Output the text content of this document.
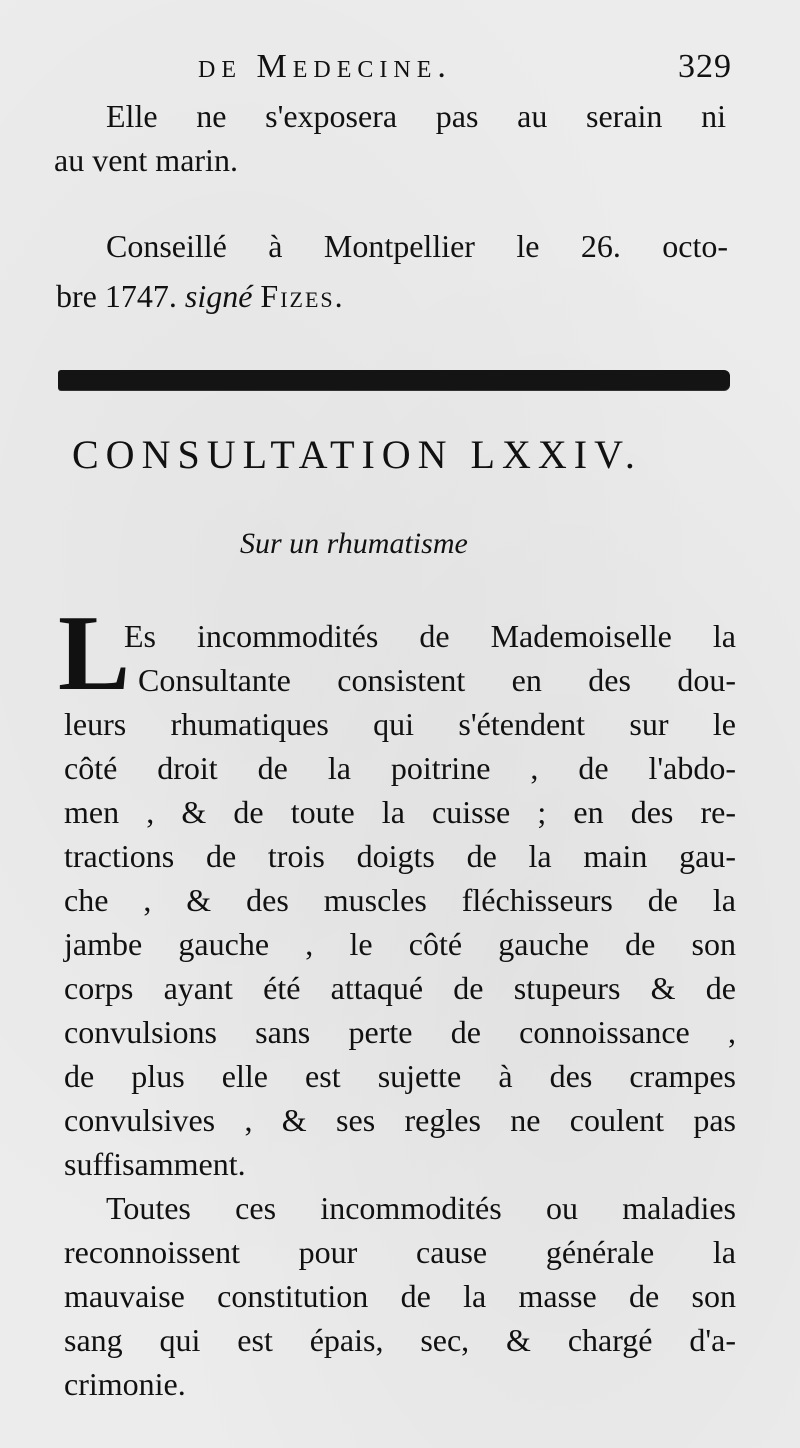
de Medecine.	329
Elle ne s'exposera pas au serain ni
au vent marin.
Conseillé à Montpellier le 26. octo-
bre 1747. signé Fizes.
CONSULTATION LXXIV.
Sur un rhumatisme
L
Es incommodités de Mademoiselle la
Consultante consistent en des dou-
leurs rhumatiques qui s'étendent sur le
côté droit de la poitrine , de l'abdo-
men , & de toute la cuisse ; en des re-
tractions de trois doigts de la main gau-
che , & des muscles fléchisseurs de la
jambe gauche , le côté gauche de son
corps ayant été attaqué de stupeurs & de
convulsions sans perte de connoissance ,
de plus elle est sujette à des crampes
convulsives , & ses regles ne coulent pas
suffisamment.
Toutes ces incommodités ou maladies
reconnoissent pour cause générale la
mauvaise constitution de la masse de son
sang qui est épais, sec, & chargé d'a-
crimonie.
